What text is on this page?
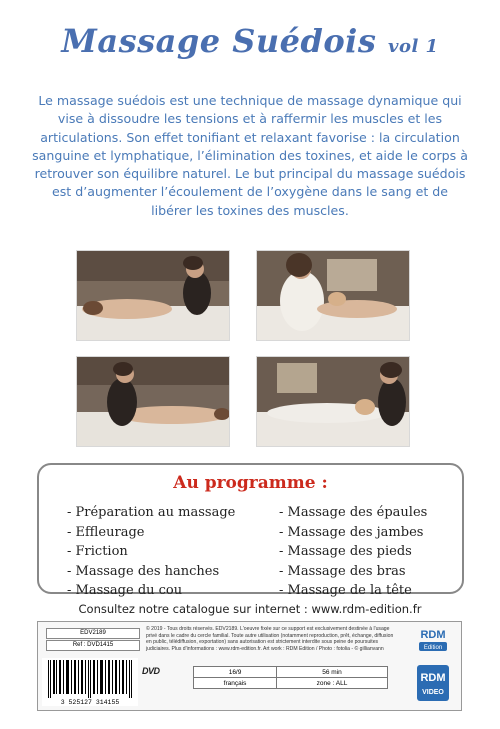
Massage Suédois vol 1
Le massage suédois est une technique de massage dynamique qui vise à dissoudre les tensions et à raffermir les muscles et les articulations. Son effet tonifiant et relaxant favorise : la circulation sanguine et lymphatique, l’élimination des toxines, et aide le corps à retrouver son équilibre naturel. Le but principal du massage suédois est d’augmenter l’écoulement de l’oxygène dans le sang et de libérer les toxines des muscles.
Au programme :
- Préparation au massage
- Effleurage
- Friction
- Massage des hanches
- Massage du cou
- Massage des épaules
- Massage des jambes
- Massage des pieds
- Massage des bras
- Massage de la tête
Consultez notre catalogue sur internet : www.rdm-edition.fr
EDV2189
Ref : DVD1415
3 525127 314155
© 2019 - Tous droits réservés. EDV2189. L'oeuvre fixée sur ce support est exclusivement destinée à l'usage privé dans le cadre du cercle familial. Toute autre utilisation (notamment reproduction, prêt, échange, diffusion en public, télédiffusion, exportation) sans autorisation est strictement interdite sous peine de poursuites judiciaires. Plus d'informations : www.rdm-edition.fr. Art work : RDM Edition / Photo : fotolia - © gillianvann
DVD	16/9	56 min
français	zone : ALL
RDM
Edition
RDM
VIDEO
